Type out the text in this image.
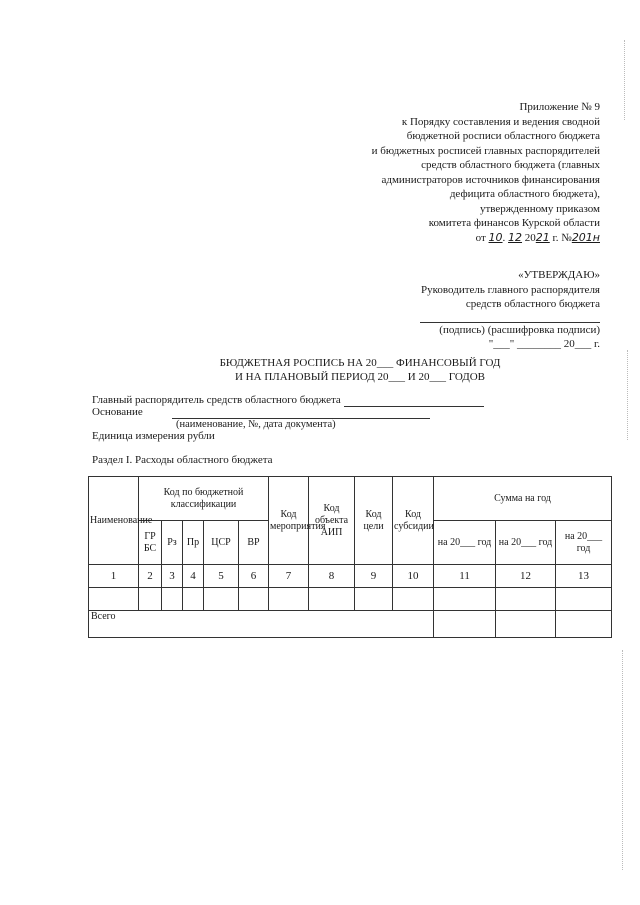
Приложение № 9
к Порядку составления и ведения сводной
бюджетной росписи областного бюджета
и бюджетных росписей главных распорядителей
средств областного бюджета (главных
администраторов источников финансирования
дефицита областного бюджета),
утвержденному приказом
комитета финансов Курской области
от 10. 12 2021 г. №201н
«УТВЕРЖДАЮ»
Руководитель главного распорядителя
средств областного бюджета
(подпись) (расшифровка подписи)
"___" ________ 20___ г.
БЮДЖЕТНАЯ РОСПИСЬ НА 20___ ФИНАНСОВЫЙ ГОД
И НА ПЛАНОВЫЙ ПЕРИОД 20___ И 20___ ГОДОВ
Главный распорядитель средств областного бюджета
Основание
(наименование, №, дата документа)
Единица измерения рубли
Раздел I. Расходы областного бюджета
Наименование	Код по бюджетной классификации					Код мероприятия	Код объекта АИП	Код цели	Код субсидии	Сумма на год		
	ГР БС	Рз	Пр	ЦСР	ВР					на 20___ год	на 20___ год	на 20___ год
1	2	3	4	5	6	7	8	9	10	11	12	13

Всего												
